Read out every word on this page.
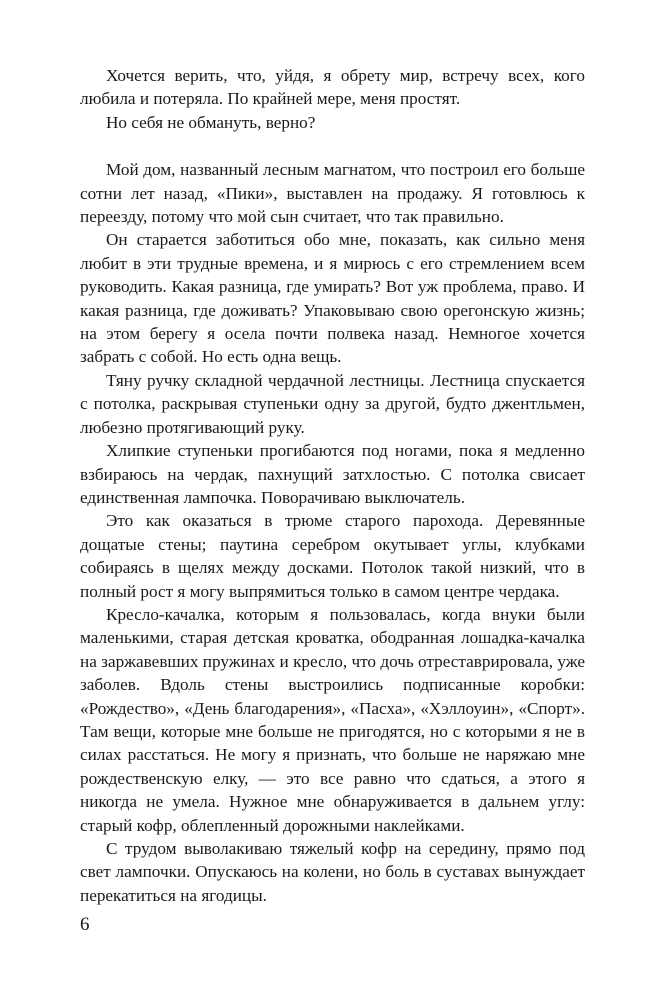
Хочется верить, что, уйдя, я обрету мир, встречу всех, кого любила и потеряла. По крайней мере, меня простят.

Но себя не обмануть, верно?

Мой дом, названный лесным магнатом, что построил его больше сотни лет назад, «Пики», выставлен на продажу. Я готовлюсь к переезду, потому что мой сын считает, что так правильно.

Он старается заботиться обо мне, показать, как сильно меня любит в эти трудные времена, и я мирюсь с его стремлением всем руководить. Какая разница, где умирать? Вот уж проблема, право. И какая разница, где доживать? Упаковываю свою орегонскую жизнь; на этом берегу я осела почти полвека назад. Немногое хочется забрать с собой. Но есть одна вещь.

Тяну ручку складной чердачной лестницы. Лестница спускается с потолка, раскрывая ступеньки одну за другой, будто джентльмен, любезно протягивающий руку.

Хлипкие ступеньки прогибаются под ногами, пока я медленно взбираюсь на чердак, пахнущий затхлостью. С потолка свисает единственная лампочка. Поворачиваю выключатель.

Это как оказаться в трюме старого парохода. Деревянные дощатые стены; паутина серебром окутывает углы, клубками собираясь в щелях между досками. Потолок такой низкий, что в полный рост я могу выпрямиться только в самом центре чердака.

Кресло-качалка, которым я пользовалась, когда внуки были маленькими, старая детская кроватка, ободранная лошадка-качалка на заржавевших пружинах и кресло, что дочь отреставрировала, уже заболев. Вдоль стены выстроились подписанные коробки: «Рождество», «День благодарения», «Пасха», «Хэллоуин», «Спорт». Там вещи, которые мне больше не пригодятся, но с которыми я не в силах расстаться. Не могу я признать, что больше не наряжаю мне рождественскую елку, — это все равно что сдаться, а этого я никогда не умела. Нужное мне обнаруживается в дальнем углу: старый кофр, облепленный дорожными наклейками.

С трудом выволакиваю тяжелый кофр на середину, прямо под свет лампочки. Опускаюсь на колени, но боль в суставах вынуждает перекатиться на ягодицы.

6
